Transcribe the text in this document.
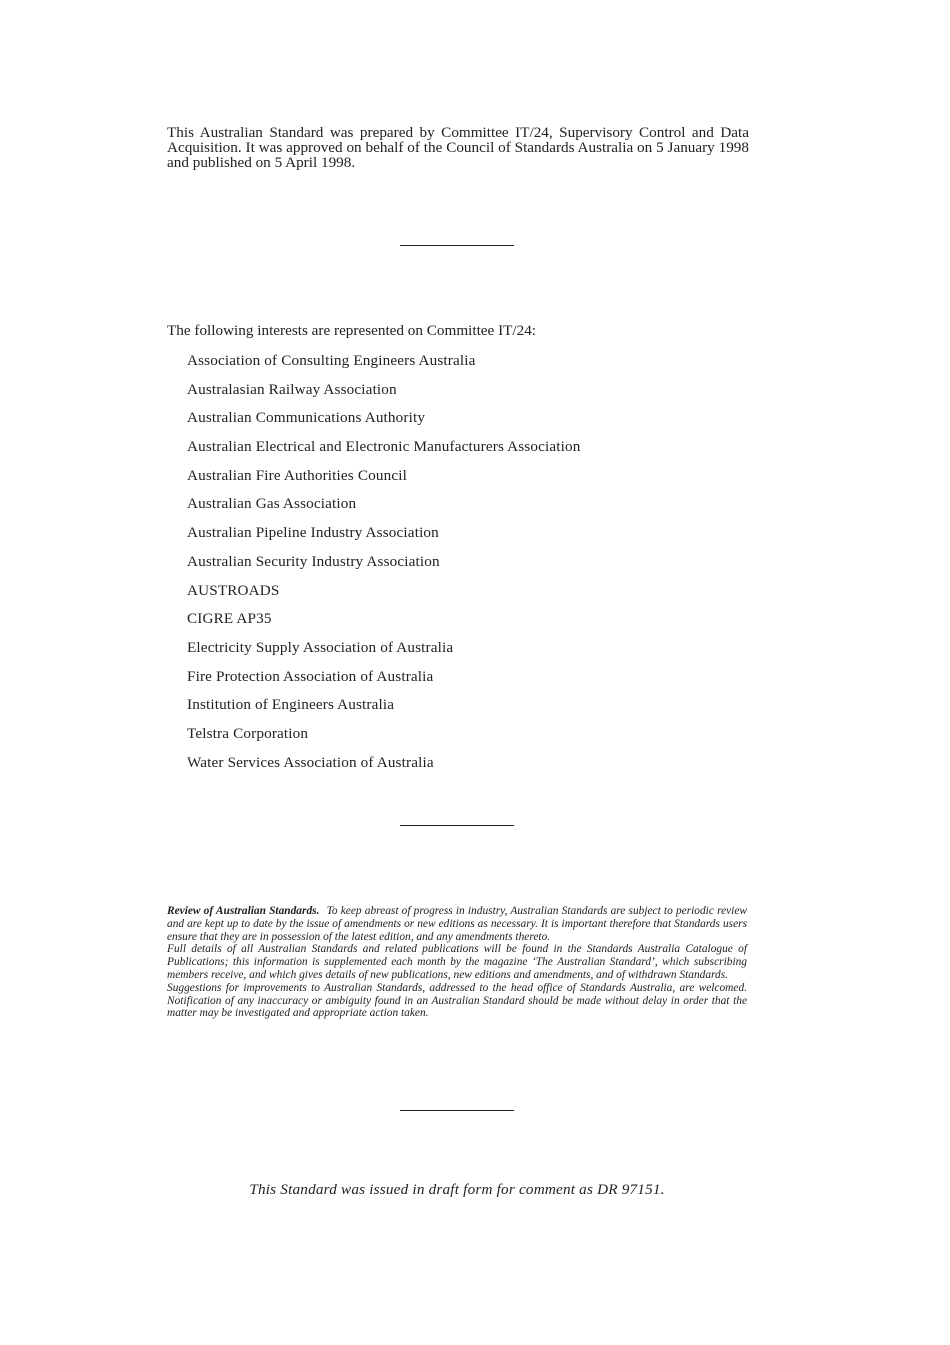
This Australian Standard was prepared by Committee IT/24, Supervisory Control and Data Acquisition. It was approved on behalf of the Council of Standards Australia on 5 January 1998 and published on 5 April 1998.

The following interests are represented on Committee IT/24:

Association of Consulting Engineers Australia
Australasian Railway Association
Australian Communications Authority
Australian Electrical and Electronic Manufacturers Association
Australian Fire Authorities Council
Australian Gas Association
Australian Pipeline Industry Association
Australian Security Industry Association
AUSTROADS
CIGRE AP35
Electricity Supply Association of Australia
Fire Protection Association of Australia
Institution of Engineers Australia
Telstra Corporation
Water Services Association of Australia

Review of Australian Standards. To keep abreast of progress in industry, Australian Standards are subject to periodic review and are kept up to date by the issue of amendments or new editions as necessary. It is important therefore that Standards users ensure that they are in possession of the latest edition, and any amendments thereto.

Full details of all Australian Standards and related publications will be found in the Standards Australia Catalogue of Publications; this information is supplemented each month by the magazine ‘The Australian Standard’, which subscribing members receive, and which gives details of new publications, new editions and amendments, and of withdrawn Standards.

Suggestions for improvements to Australian Standards, addressed to the head office of Standards Australia, are welcomed. Notification of any inaccuracy or ambiguity found in an Australian Standard should be made without delay in order that the matter may be investigated and appropriate action taken.

This Standard was issued in draft form for comment as DR 97151.
